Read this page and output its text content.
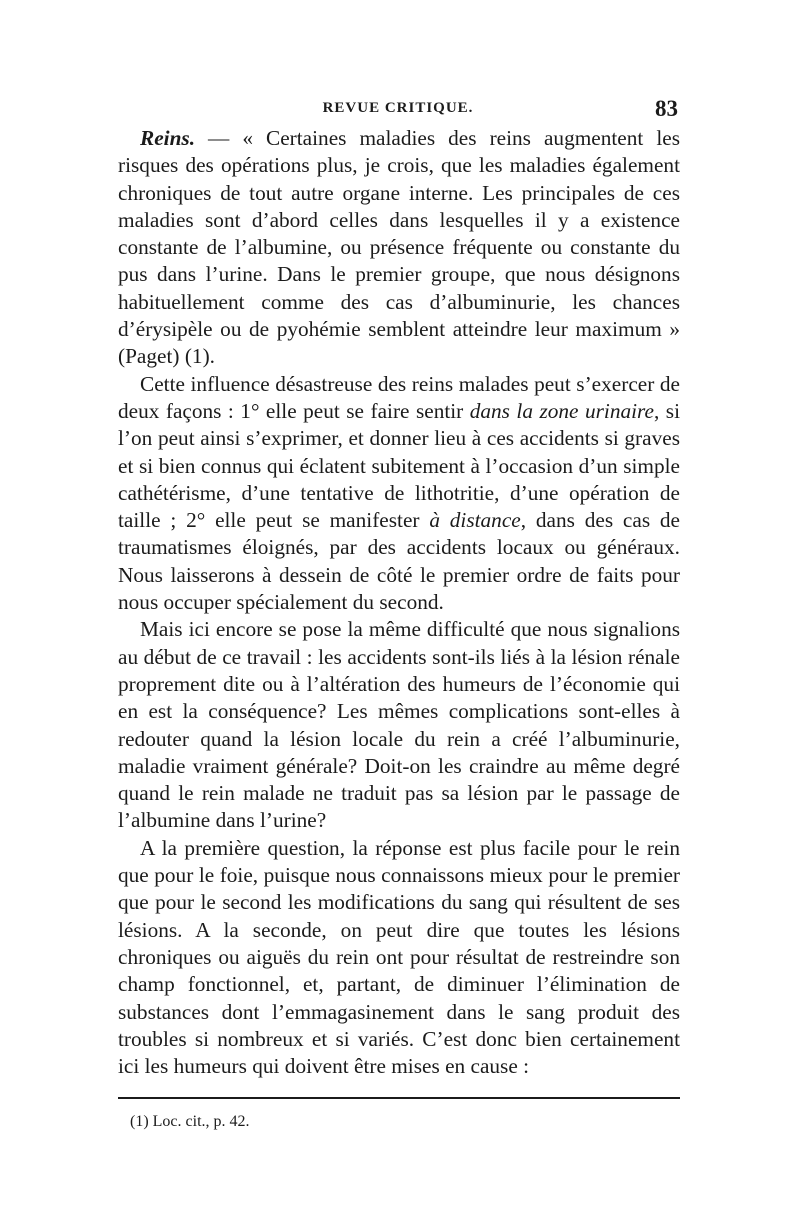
REVUE CRITIQUE.	83

Reins. — « Certaines maladies des reins augmentent les risques des opérations plus, je crois, que les maladies également chroniques de tout autre organe interne. Les principales de ces maladies sont d’abord celles dans lesquelles il y a existence constante de l’albumine, ou présence fréquente ou constante du pus dans l’urine. Dans le premier groupe, que nous désignons habituellement comme des cas d’albuminurie, les chances d’érysipèle ou de pyohémie semblent atteindre leur maximum » (Paget) (1).

Cette influence désastreuse des reins malades peut s’exercer de deux façons : 1° elle peut se faire sentir dans la zone urinaire, si l’on peut ainsi s’exprimer, et donner lieu à ces accidents si graves et si bien connus qui éclatent subitement à l’occasion d’un simple cathétérisme, d’une tentative de lithotritie, d’une opération de taille ; 2° elle peut se manifester à distance, dans des cas de traumatismes éloignés, par des accidents locaux ou généraux. Nous laisserons à dessein de côté le premier ordre de faits pour nous occuper spécialement du second.

Mais ici encore se pose la même difficulté que nous signalions au début de ce travail : les accidents sont-ils liés à la lésion rénale proprement dite ou à l’altération des humeurs de l’économie qui en est la conséquence? Les mêmes complications sont-elles à redouter quand la lésion locale du rein a créé l’albuminurie, maladie vraiment générale? Doit-on les craindre au même degré quand le rein malade ne traduit pas sa lésion par le passage de l’albumine dans l’urine?

A la première question, la réponse est plus facile pour le rein que pour le foie, puisque nous connaissons mieux pour le premier que pour le second les modifications du sang qui résultent de ses lésions. A la seconde, on peut dire que toutes les lésions chroniques ou aiguës du rein ont pour résultat de restreindre son champ fonctionnel, et, partant, de diminuer l’élimination de substances dont l’emmagasinement dans le sang produit des troubles si nombreux et si variés. C’est donc bien certainement ici les humeurs qui doivent être mises en cause :

(1) Loc. cit., p. 42.
